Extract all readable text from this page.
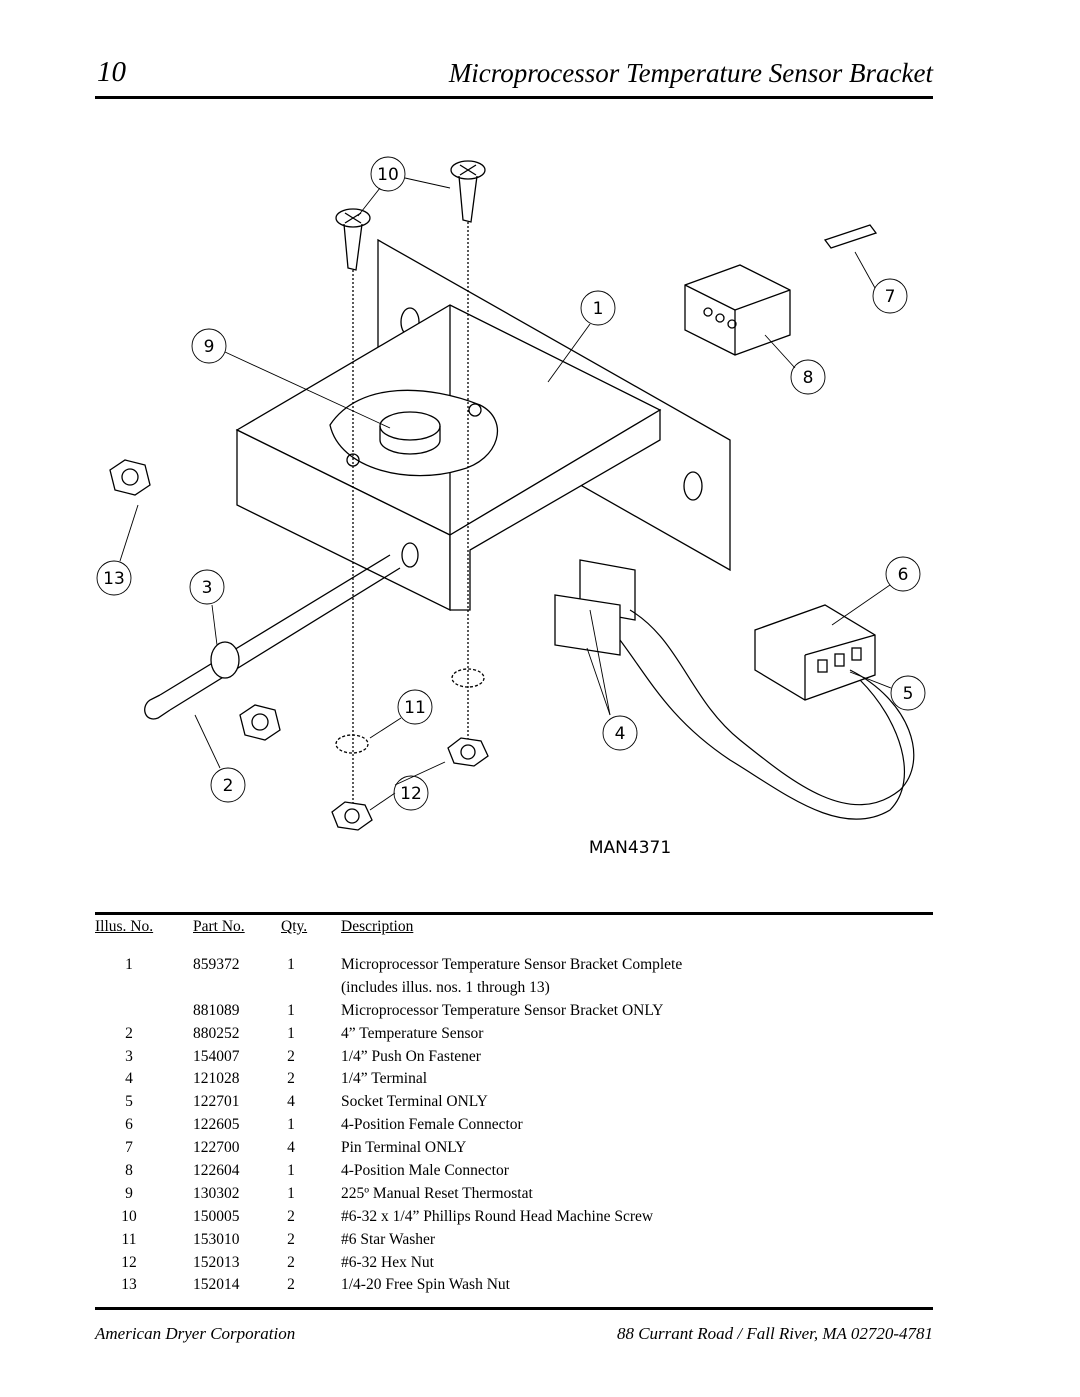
10	Microprocessor Temperature Sensor Bracket
10
9
1
7
8
13	3
6
11
4
5
2	12
MAN4371
Illus. No.	Part No.	Qty.	Description
1	859372	1	Microprocessor Temperature Sensor Bracket Complete
			(includes illus. nos. 1 through 13)
	881089	1	Microprocessor Temperature Sensor Bracket ONLY
2	880252	1	4” Temperature Sensor
3	154007	2	1/4” Push On Fastener
4	121028	2	1/4” Terminal
5	122701	4	Socket Terminal ONLY
6	122605	1	4-Position Female Connector
7	122700	4	Pin Terminal ONLY
8	122604	1	4-Position Male Connector
9	130302	1	225º Manual Reset Thermostat
10	150005	2	#6-32 x 1/4” Phillips Round Head Machine Screw
11	153010	2	#6 Star Washer
12	152013	2	#6-32 Hex Nut
13	152014	2	1/4-20 Free Spin Wash Nut
American Dryer Corporation	88 Currant Road / Fall River, MA 02720-4781
